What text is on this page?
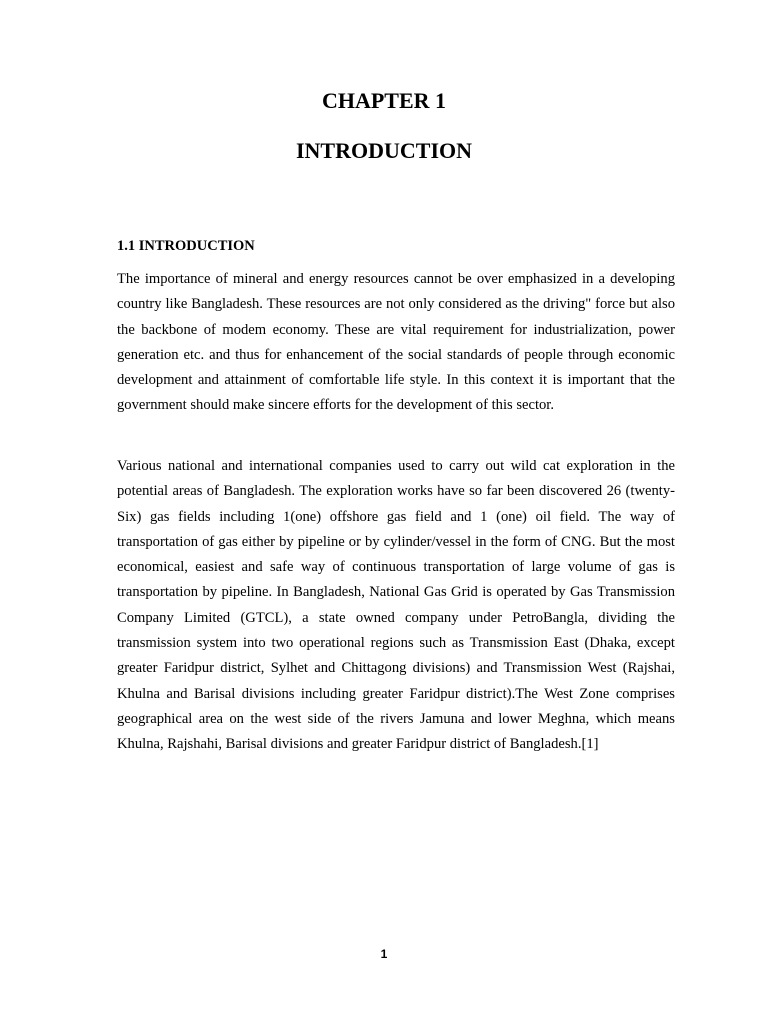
CHAPTER 1
INTRODUCTION
1.1 INTRODUCTION

The importance of mineral and energy resources cannot be over emphasized in a developing country like Bangladesh. These resources are not only considered as the driving" force but also the backbone of modem economy. These are vital requirement for industrialization, power generation etc. and thus for enhancement of the social standards of people through economic development and attainment of comfortable life style. In this context it is important that the government should make sincere efforts for the development of this sector.

Various national and international companies used to carry out wild cat exploration in the potential areas of Bangladesh. The exploration works have so far been discovered 26 (twenty-Six) gas fields including 1(one) offshore gas field and 1 (one) oil field. The way of transportation of gas either by pipeline or by cylinder/vessel in the form of CNG. But the most economical, easiest and safe way of continuous transportation of large volume of gas is transportation by pipeline. In Bangladesh, National Gas Grid is operated by Gas Transmission Company Limited (GTCL), a state owned company under PetroBangla, dividing the transmission system into two operational regions such as Transmission East (Dhaka, except greater Faridpur district, Sylhet and Chittagong divisions) and Transmission West (Rajshai, Khulna and Barisal divisions including greater Faridpur district).The West Zone comprises geographical area on the west side of the rivers Jamuna and lower Meghna, which means Khulna, Rajshahi, Barisal divisions and greater Faridpur district of Bangladesh.[1]

1
